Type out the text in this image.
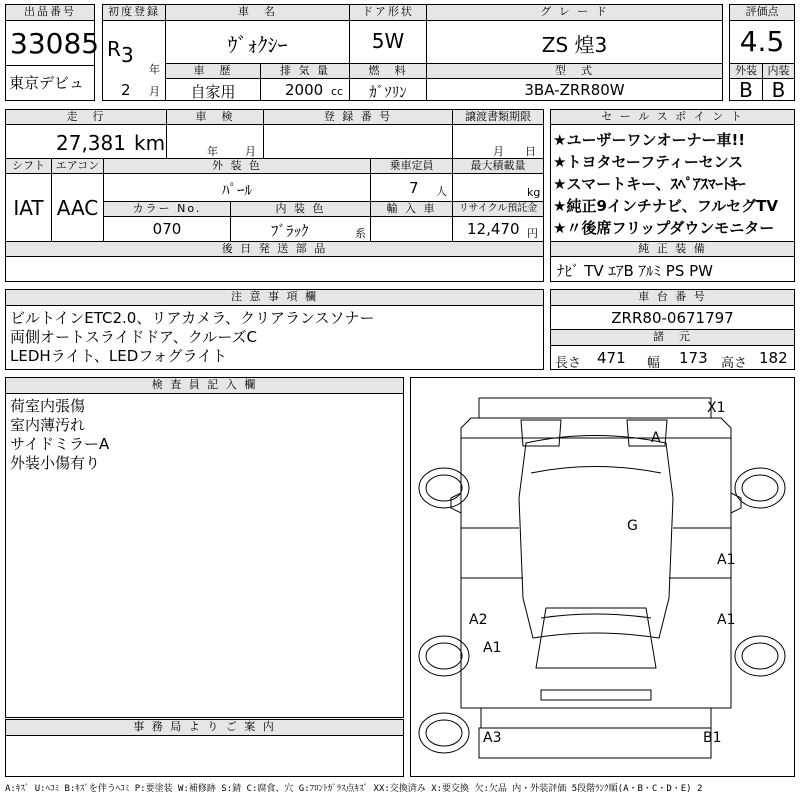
出品番号
33085
東京デビュ
初度登録
R 3
年
2 月
車　名
ｳﾞｫｸｼｰ
ドア形状
5W
グ レ ー ド
ZS 煌3
車　歴
自家用
排 気 量
2000 cc
燃　料
ｶﾞｿﾘﾝ
型　式
3BA-ZRR80W
評価点
4.5
外装 内装
B B
走　行
27,381 km
車　検
年 月
登 録 番 号	譲渡書類期限
月 日
シフト
IAT
エアコン
AAC
外 装 色
ﾊﾟｰﾙ
乗車定員
7 人
最大積載量
kg
カラー No.
070
内 装 色
ﾌﾞﾗｯｸ	系
輸 入 車	リサイクル預託金
12,470 円
後 日 発 送 部 品
セ ー ル ス ポ イ ン ト
★ユーザーワンオーナー車!!
★トヨタセーフティーセンス
★スマートキー、ｽﾍﾟｱｽﾏｰﾄｷｰ
★純正9インチナビ、フルセグTV
★〃後席フリップダウンモニター
純 正 装 備
ﾅﾋﾞ TV ｴｱB ｱﾙﾐ PS PW
注 意 事 項 欄
ビルトインETC2.0、リアカメラ、クリアランスソナー
両側オートスライドドア、クルーズC
LEDHライト、LEDフォグライト
車 台 番 号
ZRR80-0671797
諸　元
長さ 471 幅 173 高さ 182
検 査 員 記 入 欄
荷室内張傷
室内薄汚れ
サイドミラーA
外装小傷有り
事 務 局 よ り ご 案 内
X1
A
G
A1
A1
A2
A1
A3	B1
A:ｷｽﾞ U:ﾍｺﾐ B:ｷｽﾞを伴うﾍｺﾐ P:要塗装 W:補修跡 S:錆 C:腐食、穴 G:ﾌﾛﾝﾄｶﾞﾗｽ点ｷｽﾞ XX:交換済み X:要交換 欠:欠品 内・外装評価 5段階ﾗﾝｸ順(A・B・C・D・E) 2
